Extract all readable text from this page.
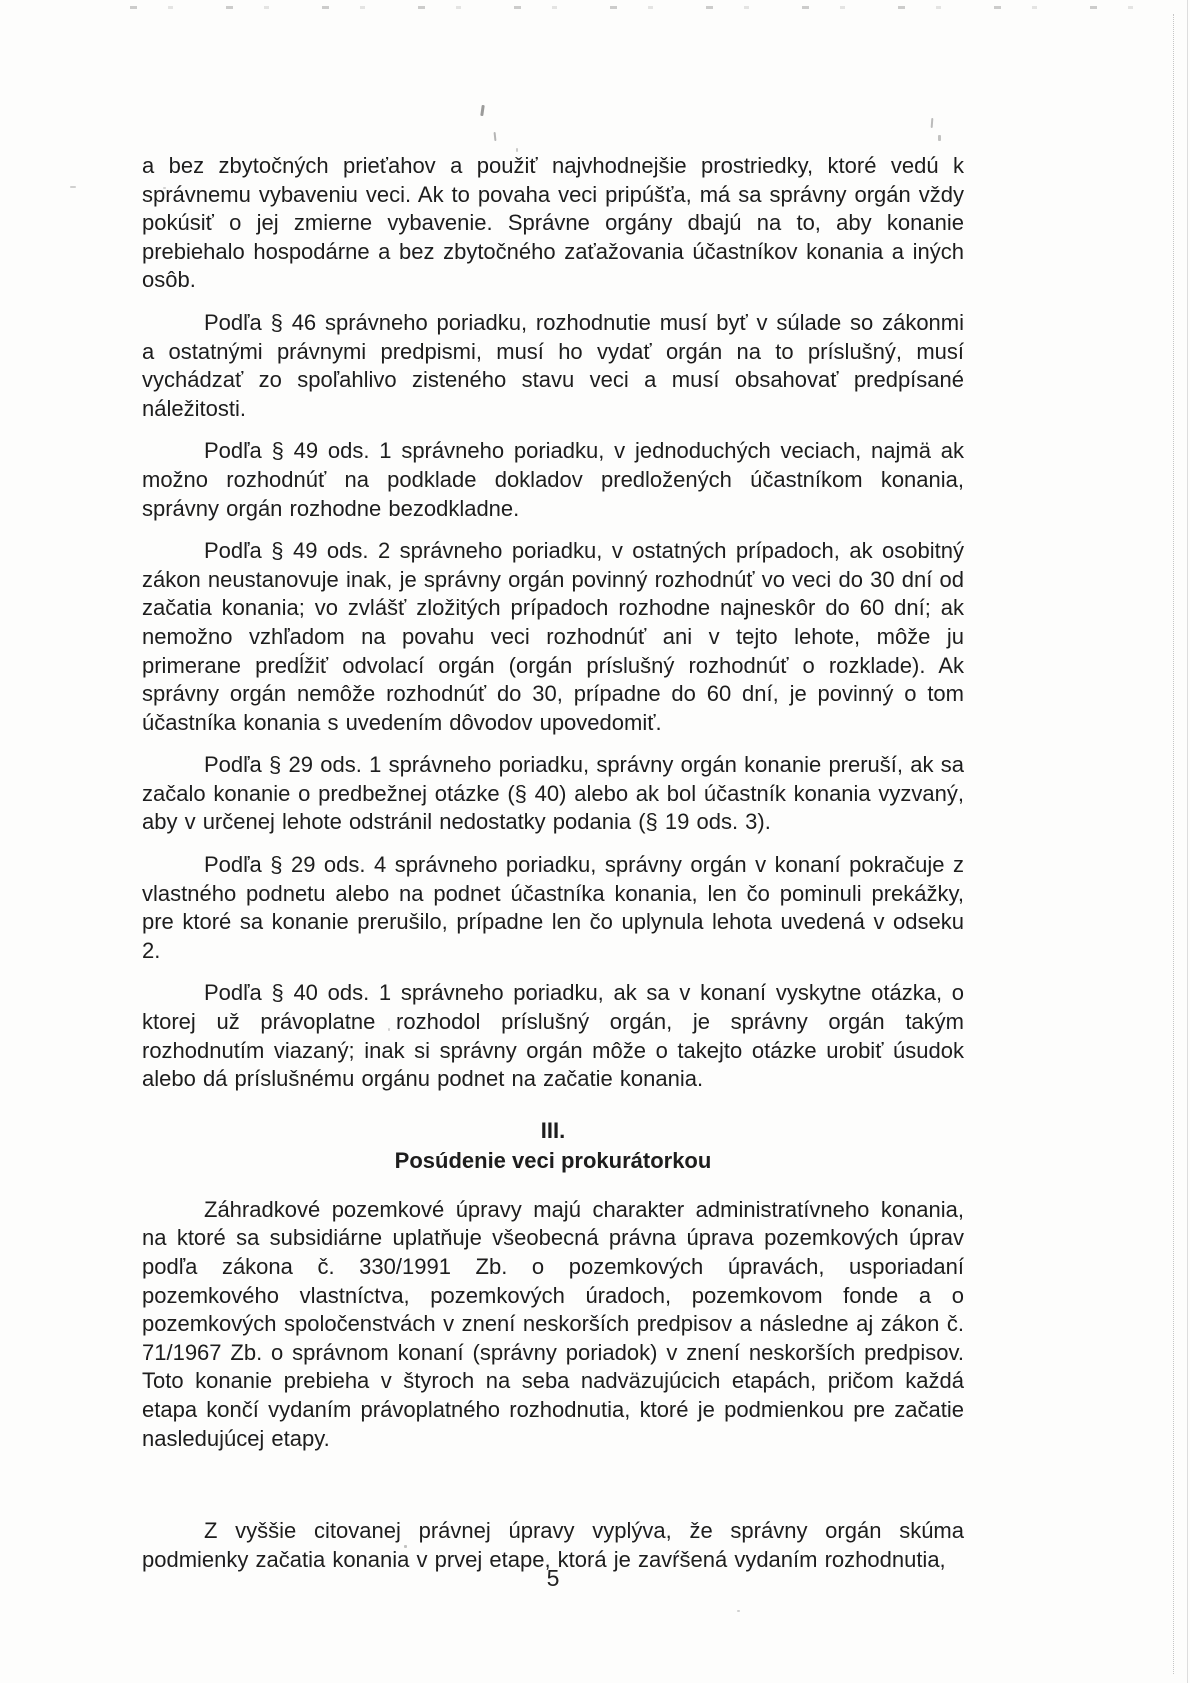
a bez zbytočných prieťahov a použiť najvhodnejšie prostriedky, ktoré vedú k správnemu vybaveniu veci. Ak to povaha veci pripúšťa, má sa správny orgán vždy pokúsiť o jej zmierne vybavenie. Správne orgány dbajú na to, aby konanie prebiehalo hospodárne a bez zbytočného zaťažovania účastníkov konania a iných osôb.

Podľa § 46 správneho poriadku, rozhodnutie musí byť v súlade so zákonmi a ostatnými právnymi predpismi, musí ho vydať orgán na to príslušný, musí vychádzať zo spoľahlivo zisteného stavu veci a musí obsahovať predpísané náležitosti.

Podľa § 49 ods. 1 správneho poriadku, v jednoduchých veciach, najmä ak možno rozhodnúť na podklade dokladov predložených účastníkom konania, správny orgán rozhodne bezodkladne.

Podľa § 49 ods. 2 správneho poriadku, v ostatných prípadoch, ak osobitný zákon neustanovuje inak, je správny orgán povinný rozhodnúť vo veci do 30 dní od začatia konania; vo zvlášť zložitých prípadoch rozhodne najneskôr do 60 dní; ak nemožno vzhľadom na povahu veci rozhodnúť ani v tejto lehote, môže ju primerane predĺžiť odvolací orgán (orgán príslušný rozhodnúť o rozklade). Ak správny orgán nemôže rozhodnúť do 30, prípadne do 60 dní, je povinný o tom účastníka konania s uvedením dôvodov upovedomiť.

Podľa § 29 ods. 1 správneho poriadku, správny orgán konanie preruší, ak sa začalo konanie o predbežnej otázke (§ 40) alebo ak bol účastník konania vyzvaný, aby v určenej lehote odstránil nedostatky podania (§ 19 ods. 3).

Podľa § 29 ods. 4 správneho poriadku, správny orgán v konaní pokračuje z vlastného podnetu alebo na podnet účastníka konania, len čo pominuli prekážky, pre ktoré sa konanie prerušilo, prípadne len čo uplynula lehota uvedená v odseku 2.

Podľa § 40 ods. 1 správneho poriadku, ak sa v konaní vyskytne otázka, o ktorej už právoplatne rozhodol príslušný orgán, je správny orgán takým rozhodnutím viazaný; inak si správny orgán môže o takejto otázke urobiť úsudok alebo dá príslušnému orgánu podnet na začatie konania.

III.
Posúdenie veci prokurátorkou

Záhradkové pozemkové úpravy majú charakter administratívneho konania, na ktoré sa subsidiárne uplatňuje všeobecná právna úprava pozemkových úprav podľa zákona č. 330/1991 Zb. o pozemkových úpravách, usporiadaní pozemkového vlastníctva, pozemkových úradoch, pozemkovom fonde a o pozemkových spoločenstvách v znení neskorších predpisov a následne aj zákon č. 71/1967 Zb. o správnom konaní (správny poriadok) v znení neskorších predpisov. Toto konanie prebieha v štyroch na seba nadväzujúcich etapách, pričom každá etapa končí vydaním právoplatného rozhodnutia, ktoré je podmienkou pre začatie nasledujúcej etapy.

Z vyššie citovanej právnej úpravy vyplýva, že správny orgán skúma podmienky začatia konania v prvej etape, ktorá je zavŕšená vydaním rozhodnutia,

5
